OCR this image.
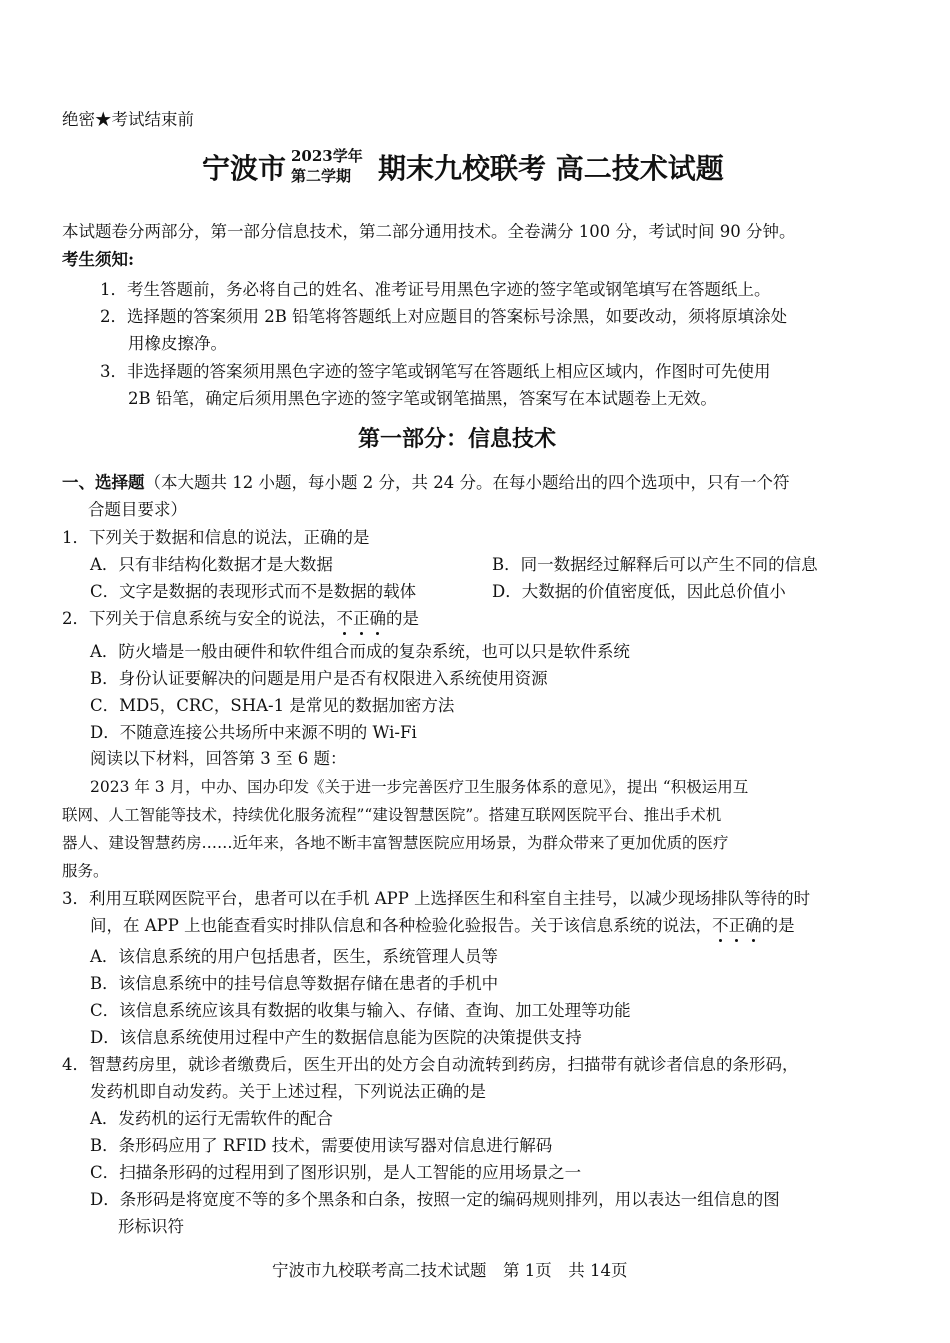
绝密★考试结束前
宁波市 2023学年
第二学期 期末九校联考 高二技术试题
本试题卷分两部分，第一部分信息技术，第二部分通用技术。全卷满分 100 分，考试时间 90 分钟。
考生须知:
1．考生答题前，务必将自己的姓名、准考证号用黑色字迹的签字笔或钢笔填写在答题纸上。
2．选择题的答案须用 2B 铅笔将答题纸上对应题目的答案标号涂黑，如要改动，须将原填涂处
用橡皮擦净。
3．非选择题的答案须用黑色字迹的签字笔或钢笔写在答题纸上相应区域内，作图时可先使用
2B 铅笔，确定后须用黑色字迹的签字笔或钢笔描黑，答案写在本试题卷上无效。
第一部分：信息技术
一、选择题（本大题共 12 小题，每小题 2 分，共 24 分。在每小题给出的四个选项中，只有一个符
合题目要求）
1．下列关于数据和信息的说法，正确的是
A．只有非结构化数据才是大数据	B．同一数据经过解释后可以产生不同的信息
C．文字是数据的表现形式而不是数据的载体	D．大数据的价值密度低，因此总价值小
2．下列关于信息系统与安全的说法，不正确的是
A．防火墙是一般由硬件和软件组合而成的复杂系统，也可以只是软件系统
B．身份认证要解决的问题是用户是否有权限进入系统使用资源
C．MD5，CRC，SHA-1 是常见的数据加密方法
D．不随意连接公共场所中来源不明的 Wi-Fi
阅读以下材料，回答第 3 至 6 题：
2023 年 3 月，中办、国办印发《关于进一步完善医疗卫生服务体系的意见》，提出 “积极运用互
联网、人工智能等技术，持续优化服务流程”“建设智慧医院”。搭建互联网医院平台、推出手术机
器人、建设智慧药房……近年来，各地不断丰富智慧医院应用场景，为群众带来了更加优质的医疗
服务。
3．利用互联网医院平台，患者可以在手机 APP 上选择医生和科室自主挂号，以减少现场排队等待的时
间，在 APP 上也能查看实时排队信息和各种检验化验报告。关于该信息系统的说法，不正确的是
A．该信息系统的用户包括患者，医生，系统管理人员等
B．该信息系统中的挂号信息等数据存储在患者的手机中
C．该信息系统应该具有数据的收集与输入、存储、查询、加工处理等功能
D．该信息系统使用过程中产生的数据信息能为医院的决策提供支持
4．智慧药房里，就诊者缴费后，医生开出的处方会自动流转到药房，扫描带有就诊者信息的条形码，
发药机即自动发药。关于上述过程，下列说法正确的是
A．发药机的运行无需软件的配合
B．条形码应用了 RFID 技术，需要使用读写器对信息进行解码
C．扫描条形码的过程用到了图形识别，是人工智能的应用场景之一
D．条形码是将宽度不等的多个黑条和白条，按照一定的编码规则排列，用以表达一组信息的图
形标识符
宁波市九校联考高二技术试题　第 1页　共 14页
